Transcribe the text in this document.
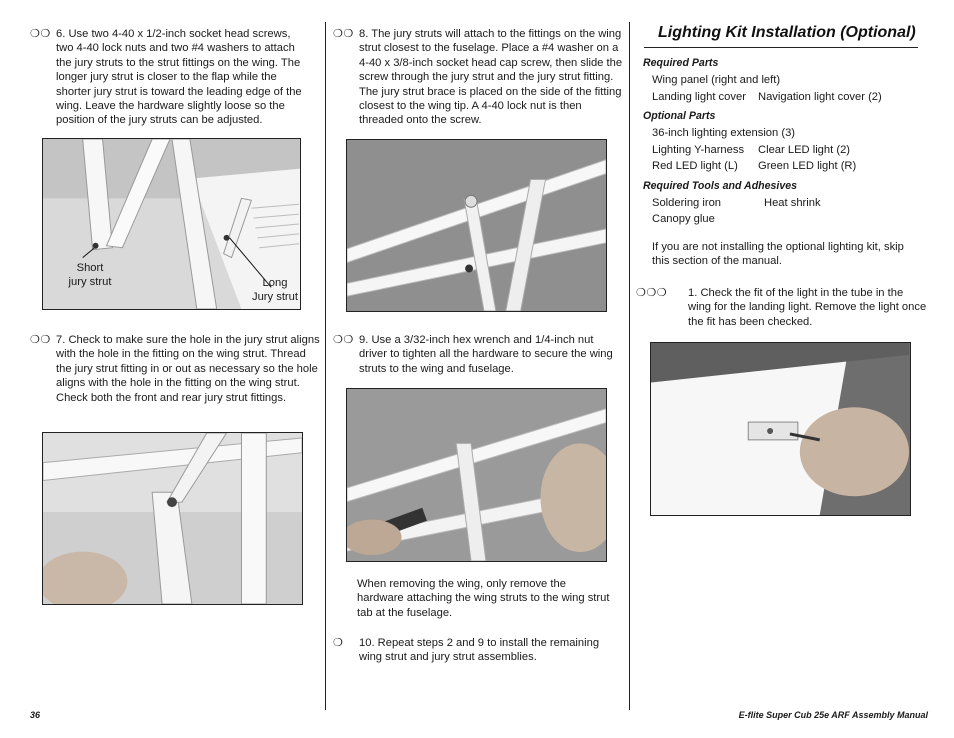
❍❍ 6. Use two 4-40 x 1/2-inch socket head screws, two 4-40 lock nuts and two #4 washers to attach the jury struts to the strut fittings on the wing. The longer jury strut is closer to the flap while the shorter jury strut is toward the leading edge of the wing. Leave the hardware slightly loose so the position of the jury struts can be adjusted.
Short
jury strut	Long
Jury strut
❍❍ 7. Check to make sure the hole in the jury strut aligns with the hole in the fitting on the wing strut. Thread the jury strut fitting in or out as necessary so the hole aligns with the hole in the fitting on the wing strut. Check both the front and rear jury strut fittings.
❍❍ 8. The jury struts will attach to the fittings on the wing strut closest to the fuselage. Place a #4 washer on a 4-40 x 3/8-inch socket head cap screw, then slide the screw through the jury strut and the jury strut fitting. The jury strut brace is placed on the side of the fitting closest to the wing tip. A 4-40 lock nut is then threaded onto the screw.
❍❍ 9. Use a 3/32-inch hex wrench and 1/4-inch nut driver to tighten all the hardware to secure the wing struts to the wing and fuselage.
When removing the wing, only remove the hardware attaching the wing struts to the wing strut tab at the fuselage.
❍	10. Repeat steps 2 and 9 to install the remaining wing strut and jury strut assemblies.
Lighting Kit Installation (Optional)
Required Parts
Wing panel (right and left)
Landing light cover Navigation light cover (2)
Optional Parts
36-inch lighting extension (3)
Lighting Y-harness Clear LED light (2)
Red LED light (L) Green LED light (R)
Required Tools and Adhesives
Soldering iron	Heat shrink
Canopy glue
If you are not installing the optional lighting kit, skip this section of the manual.
❍❍❍	1. Check the fit of the light in the tube in the wing for the landing light. Remove the light once the fit has been checked.
36	E-flite Super Cub 25e ARF Assembly Manual
